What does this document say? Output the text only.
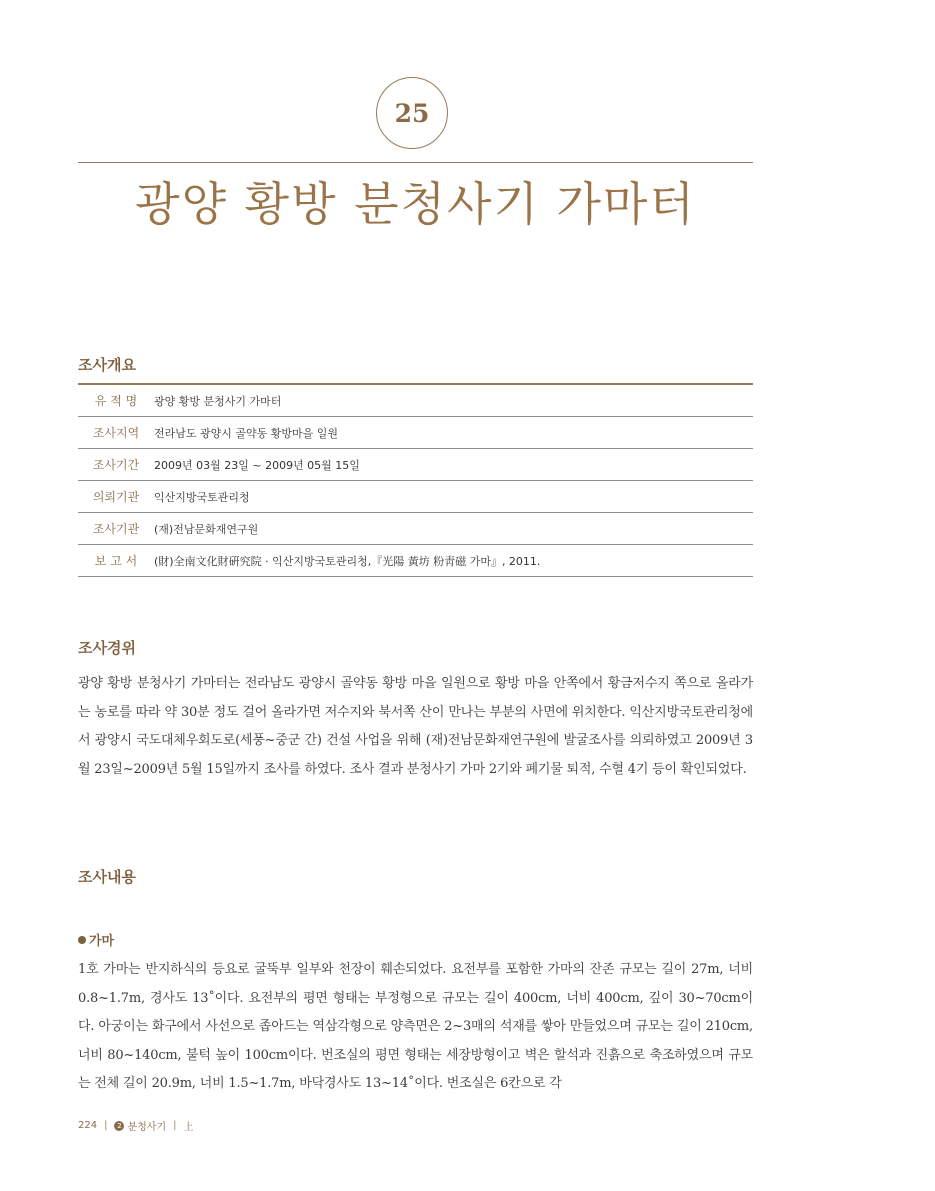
25
광양 황방 분청사기 가마터
조사개요
유 적 명	광양 황방 분청사기 가마터
조사지역	전라남도 광양시 골약동 황방마을 일원
조사기간	2009년 03월 23일 ~ 2009년 05월 15일
의뢰기관	익산지방국토관리청
조사기관	(재)전남문화재연구원
보 고 서	(財)全南文化財硏究院 · 익산지방국토관리청,『光陽 黃坊 粉靑磁 가마』, 2011.
조사경위
광양 황방 분청사기 가마터는 전라남도 광양시 골약동 황방 마을 일원으로 황방 마을 안쪽에서 황금저수지 쪽으로 올라가는 농로를 따라 약 30분 정도 걸어 올라가면 저수지와 북서쪽 산이 만나는 부분의 사면에 위치한다. 익산지방국토관리청에서 광양시 국도대체우회도로(세풍~중군 간) 건설 사업을 위해 (재)전남문화재연구원에 발굴조사를 의뢰하였고 2009년 3월 23일~2009년 5월 15일까지 조사를 하였다. 조사 결과 분청사기 가마 2기와 폐기물 퇴적, 수혈 4기 등이 확인되었다.
조사내용
가마
1호 가마는 반지하식의 등요로 굴뚝부 일부와 천장이 훼손되었다. 요전부를 포함한 가마의 잔존 규모는 길이 27m, 너비 0.8~1.7m, 경사도 13˚이다. 요전부의 평면 형태는 부정형으로 규모는 길이 400cm, 너비 400cm, 깊이 30~70cm이다. 아궁이는 화구에서 사선으로 좁아드는 역삼각형으로 양측면은 2~3매의 석재를 쌓아 만들었으며 규모는 길이 210cm, 너비 80~140cm, 불턱 높이 100cm이다. 번조실의 평면 형태는 세장방형이고 벽은 할석과 진흙으로 축조하였으며 규모는 전체 길이 20.9m, 너비 1.5~1.7m, 바닥경사도 13~14˚이다. 번조실은 6칸으로 각
224 |	2 분청사기 | 上
